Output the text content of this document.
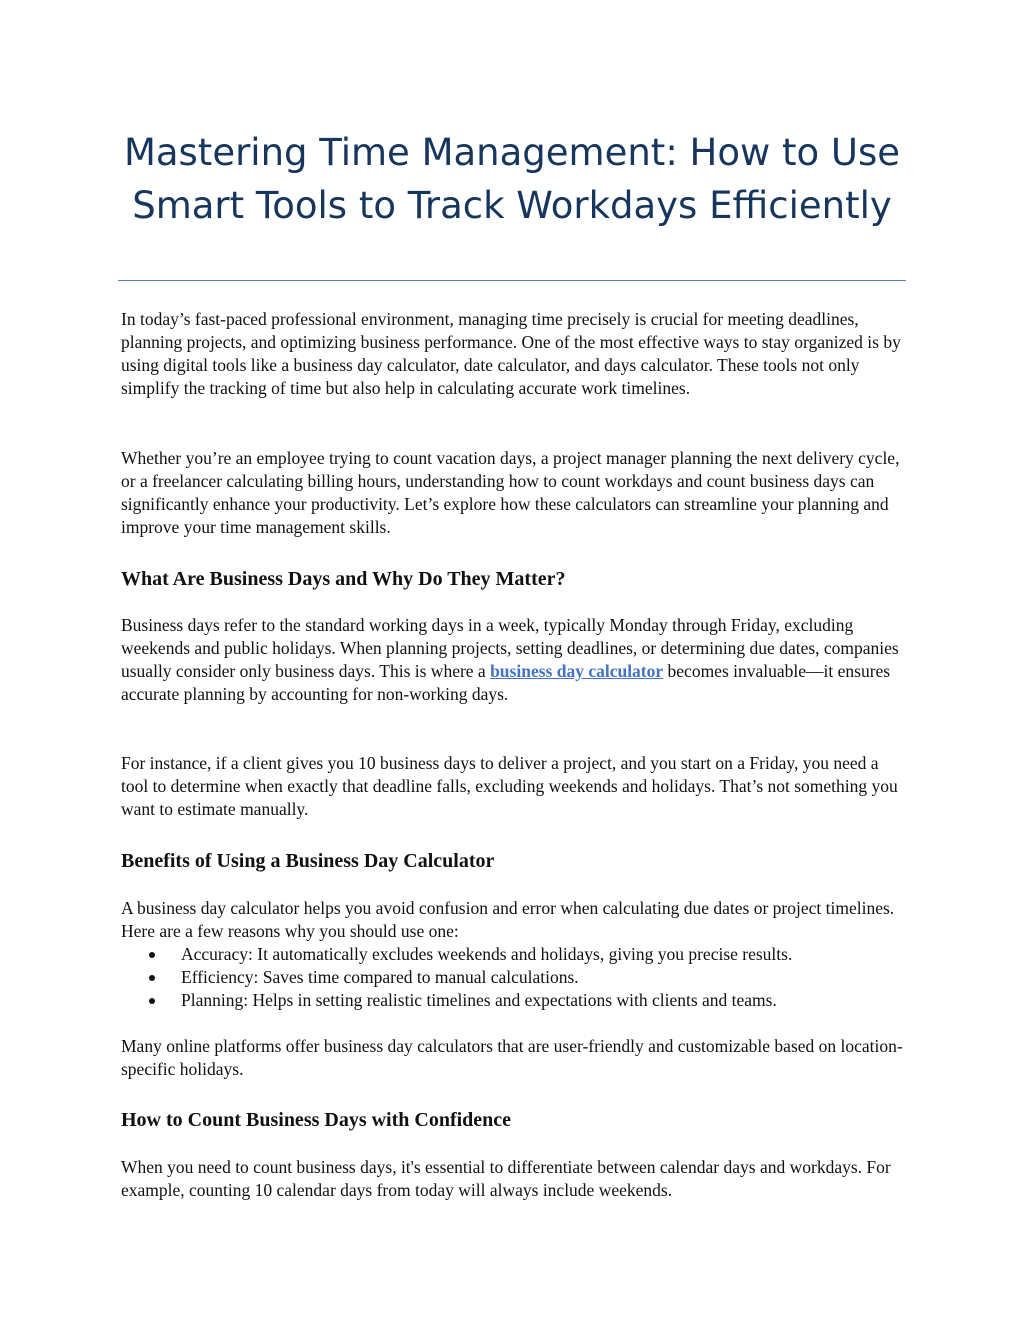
Mastering Time Management: How to Use Smart Tools to Track Workdays Efficiently

In today’s fast-paced professional environment, managing time precisely is crucial for meeting deadlines, planning projects, and optimizing business performance. One of the most effective ways to stay organized is by using digital tools like a business day calculator, date calculator, and days calculator. These tools not only simplify the tracking of time but also help in calculating accurate work timelines.

Whether you’re an employee trying to count vacation days, a project manager planning the next delivery cycle, or a freelancer calculating billing hours, understanding how to count workdays and count business days can significantly enhance your productivity. Let’s explore how these calculators can streamline your planning and improve your time management skills.

What Are Business Days and Why Do They Matter?

Business days refer to the standard working days in a week, typically Monday through Friday, excluding weekends and public holidays. When planning projects, setting deadlines, or determining due dates, companies usually consider only business days. This is where a business day calculator becomes invaluable—it ensures accurate planning by accounting for non-working days.

For instance, if a client gives you 10 business days to deliver a project, and you start on a Friday, you need a tool to determine when exactly that deadline falls, excluding weekends and holidays. That’s not something you want to estimate manually.

Benefits of Using a Business Day Calculator

A business day calculator helps you avoid confusion and error when calculating due dates or project timelines. Here are a few reasons why you should use one:

Accuracy: It automatically excludes weekends and holidays, giving you precise results.
Efficiency: Saves time compared to manual calculations.
Planning: Helps in setting realistic timelines and expectations with clients and teams.

Many online platforms offer business day calculators that are user-friendly and customizable based on location-specific holidays.

How to Count Business Days with Confidence

When you need to count business days, it's essential to differentiate between calendar days and workdays. For example, counting 10 calendar days from today will always include weekends.
